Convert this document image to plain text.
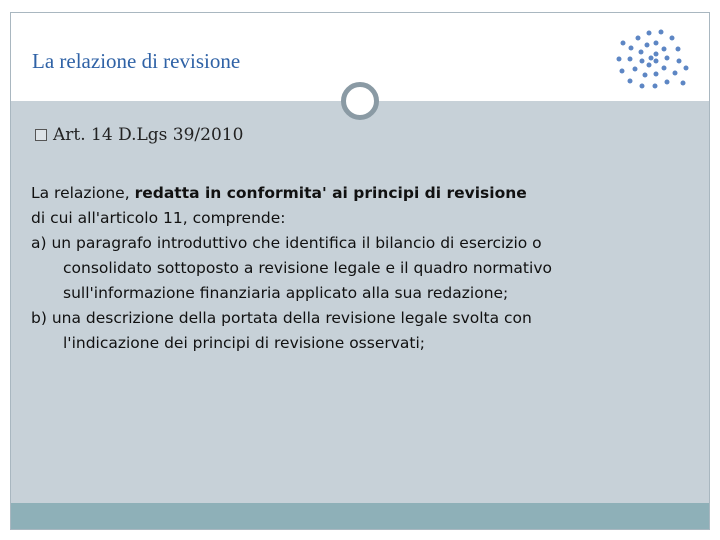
La relazione di revisione
Art. 14 D.Lgs 39/2010
La relazione, redatta in conformita' ai principi di revisione
di cui all'articolo 11, comprende:
a) un paragrafo introduttivo che identifica il bilancio di esercizio o
consolidato sottoposto a revisione legale e il quadro normativo
sull'informazione finanziaria applicato alla sua redazione;
b) una descrizione della portata della revisione legale svolta con
l'indicazione dei principi di revisione osservati;
